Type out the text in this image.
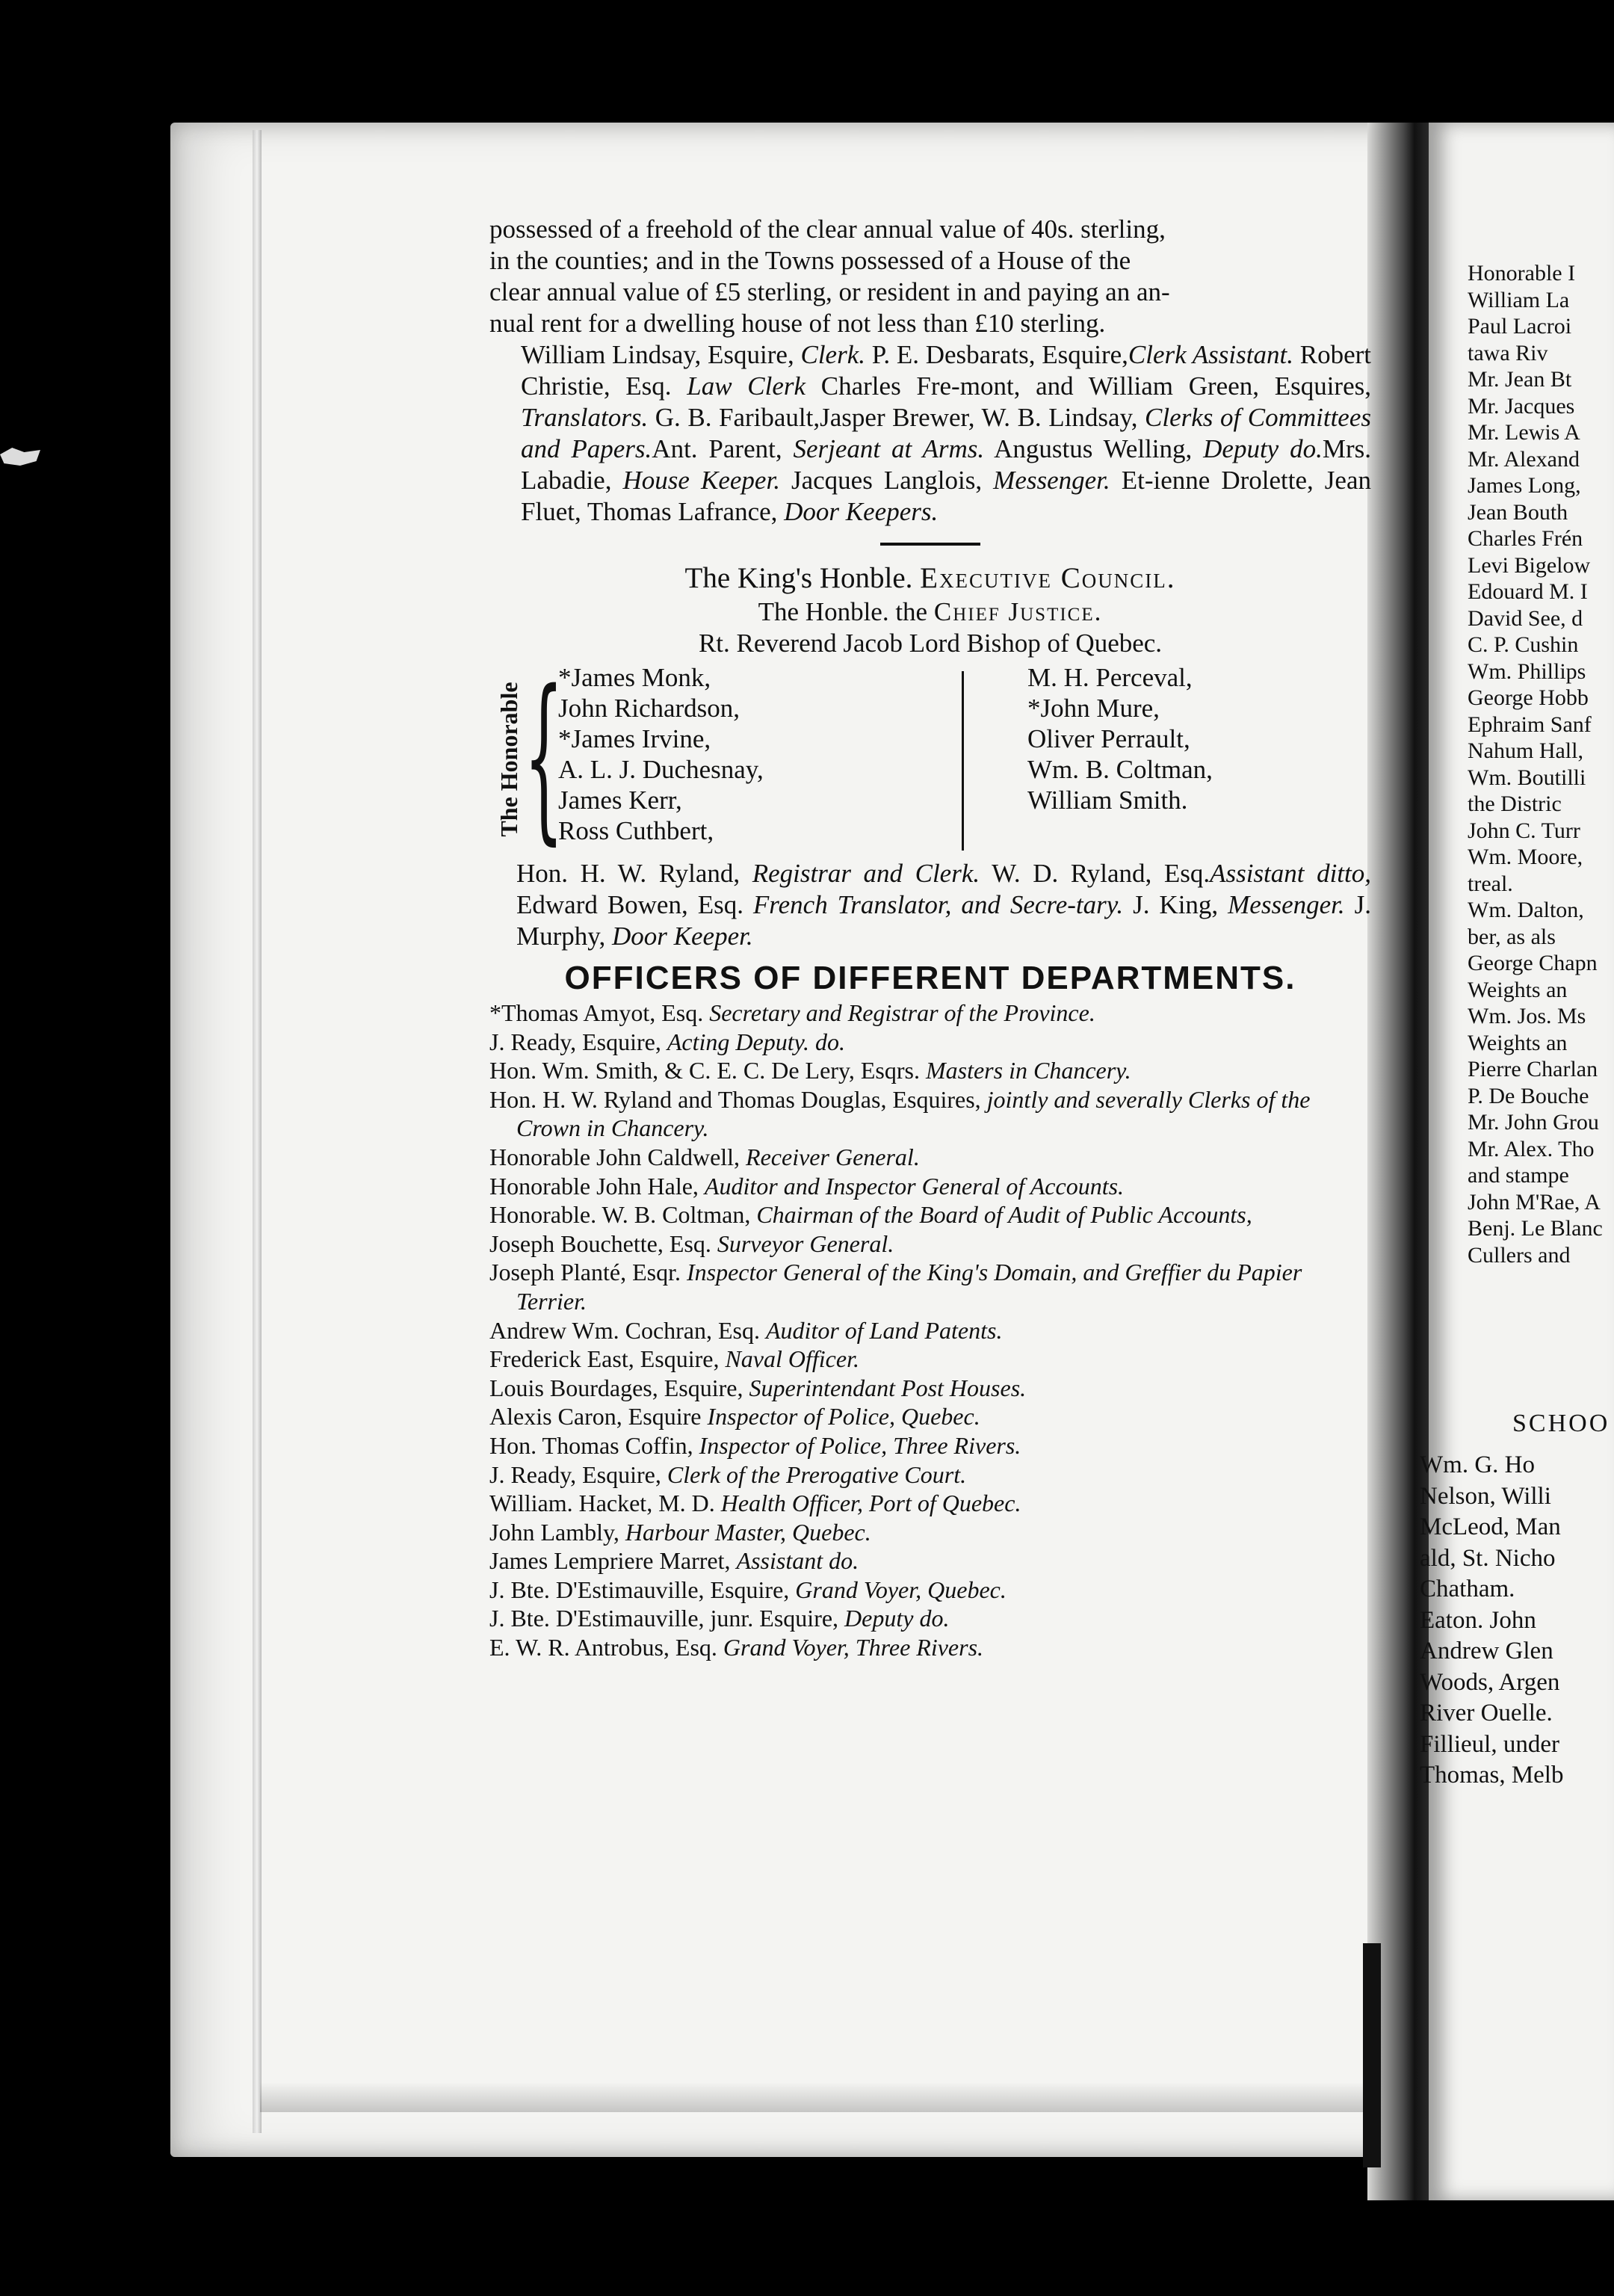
possessed of a freehold of the clear annual value of 40s. sterling,

in the counties; and in the Towns possessed of a House of the

clear annual value of £5 sterling, or resident in and paying an an-

nual rent for a dwelling house of not less than £10 sterling.

William Lindsay, Esquire, Clerk. P. E. Desbarats, Esquire,Clerk Assistant. Robert Christie, Esq. Law Clerk Charles Fre-mont, and William Green, Esquires, Translators. G. B. Faribault,Jasper Brewer, W. B. Lindsay, Clerks of Committees and Papers.Ant. Parent, Serjeant at Arms. Angustus Welling, Deputy do.Mrs. Labadie, House Keeper. Jacques Langlois, Messenger. Et-ienne Drolette, Jean Fluet, Thomas Lafrance, Door Keepers.

The King's Honble. Executive Council.

The Honble. the Chief Justice.

Rt. Reverend Jacob Lord Bishop of Quebec.

The Honorable {
*James Monk,
John Richardson,
*James Irvine,
A. L. J. Duchesnay,
James Kerr,
Ross Cuthbert,
M. H. Perceval,
*John Mure,
Oliver Perrault,
Wm. B. Coltman,
William Smith.
Hon. H. W. Ryland, Registrar and Clerk. W. D. Ryland, Esq.Assistant ditto, Edward Bowen, Esq. French Translator, and Secre-tary. J. King, Messenger. J. Murphy, Door Keeper.
OFFICERS OF DIFFERENT DEPARTMENTS.

*Thomas Amyot, Esq. Secretary and Registrar of the Province.

J. Ready, Esquire, Acting Deputy. do.

Hon. Wm. Smith, & C. E. C. De Lery, Esqrs. Masters in Chancery.

Hon. H. W. Ryland and Thomas Douglas, Esquires, jointly and severally Clerks of the Crown in Chancery.

Honorable John Caldwell, Receiver General.

Honorable John Hale, Auditor and Inspector General of Accounts.

Honorable. W. B. Coltman, Chairman of the Board of Audit of Public Accounts,

Joseph Bouchette, Esq. Surveyor General.

Joseph Planté, Esqr. Inspector General of the King's Domain, and Greffier du Papier Terrier.

Andrew Wm. Cochran, Esq. Auditor of Land Patents.

Frederick East, Esquire, Naval Officer.

Louis Bourdages, Esquire, Superintendant Post Houses.

Alexis Caron, Esquire Inspector of Police, Quebec.

Hon. Thomas Coffin, Inspector of Police, Three Rivers.

J. Ready, Esquire, Clerk of the Prerogative Court.

William. Hacket, M. D. Health Officer, Port of Quebec.

John Lambly, Harbour Master, Quebec.

James Lempriere Marret, Assistant do.

J. Bte. D'Estimauville, Esquire, Grand Voyer, Quebec.

J. Bte. D'Estimauville, junr. Esquire, Deputy do.

E. W. R. Antrobus, Esq. Grand Voyer, Three Rivers.

Honorable I
William La
Paul Lacroi
tawa Riv
Mr. Jean Bt
Mr. Jacques
Mr. Lewis A
Mr. Alexand
James Long,
Jean Bouth
Charles Frén
Levi Bigelow
Edouard M. I
David See, d
C. P. Cushin
Wm. Phillips
George Hobb
Ephraim Sanf
Nahum Hall,
Wm. Boutilli
the Distric
John C. Turr
Wm. Moore,
treal.
Wm. Dalton,
ber, as als
George Chapn
Weights an
Wm. Jos. Ms
Weights an
Pierre Charlan
P. De Bouche
Mr. John Grou
Mr. Alex. Tho
and stampe
John M'Rae, A
Benj. Le Blanc
Cullers and
SCHOO
Wm. G. Ho
Nelson, Willi
McLeod, Man
ald, St. Nicho
Chatham.
Eaton. John
Andrew Glen
Woods, Argen
River Ouelle.
Fillieul, under
Thomas, Melb
